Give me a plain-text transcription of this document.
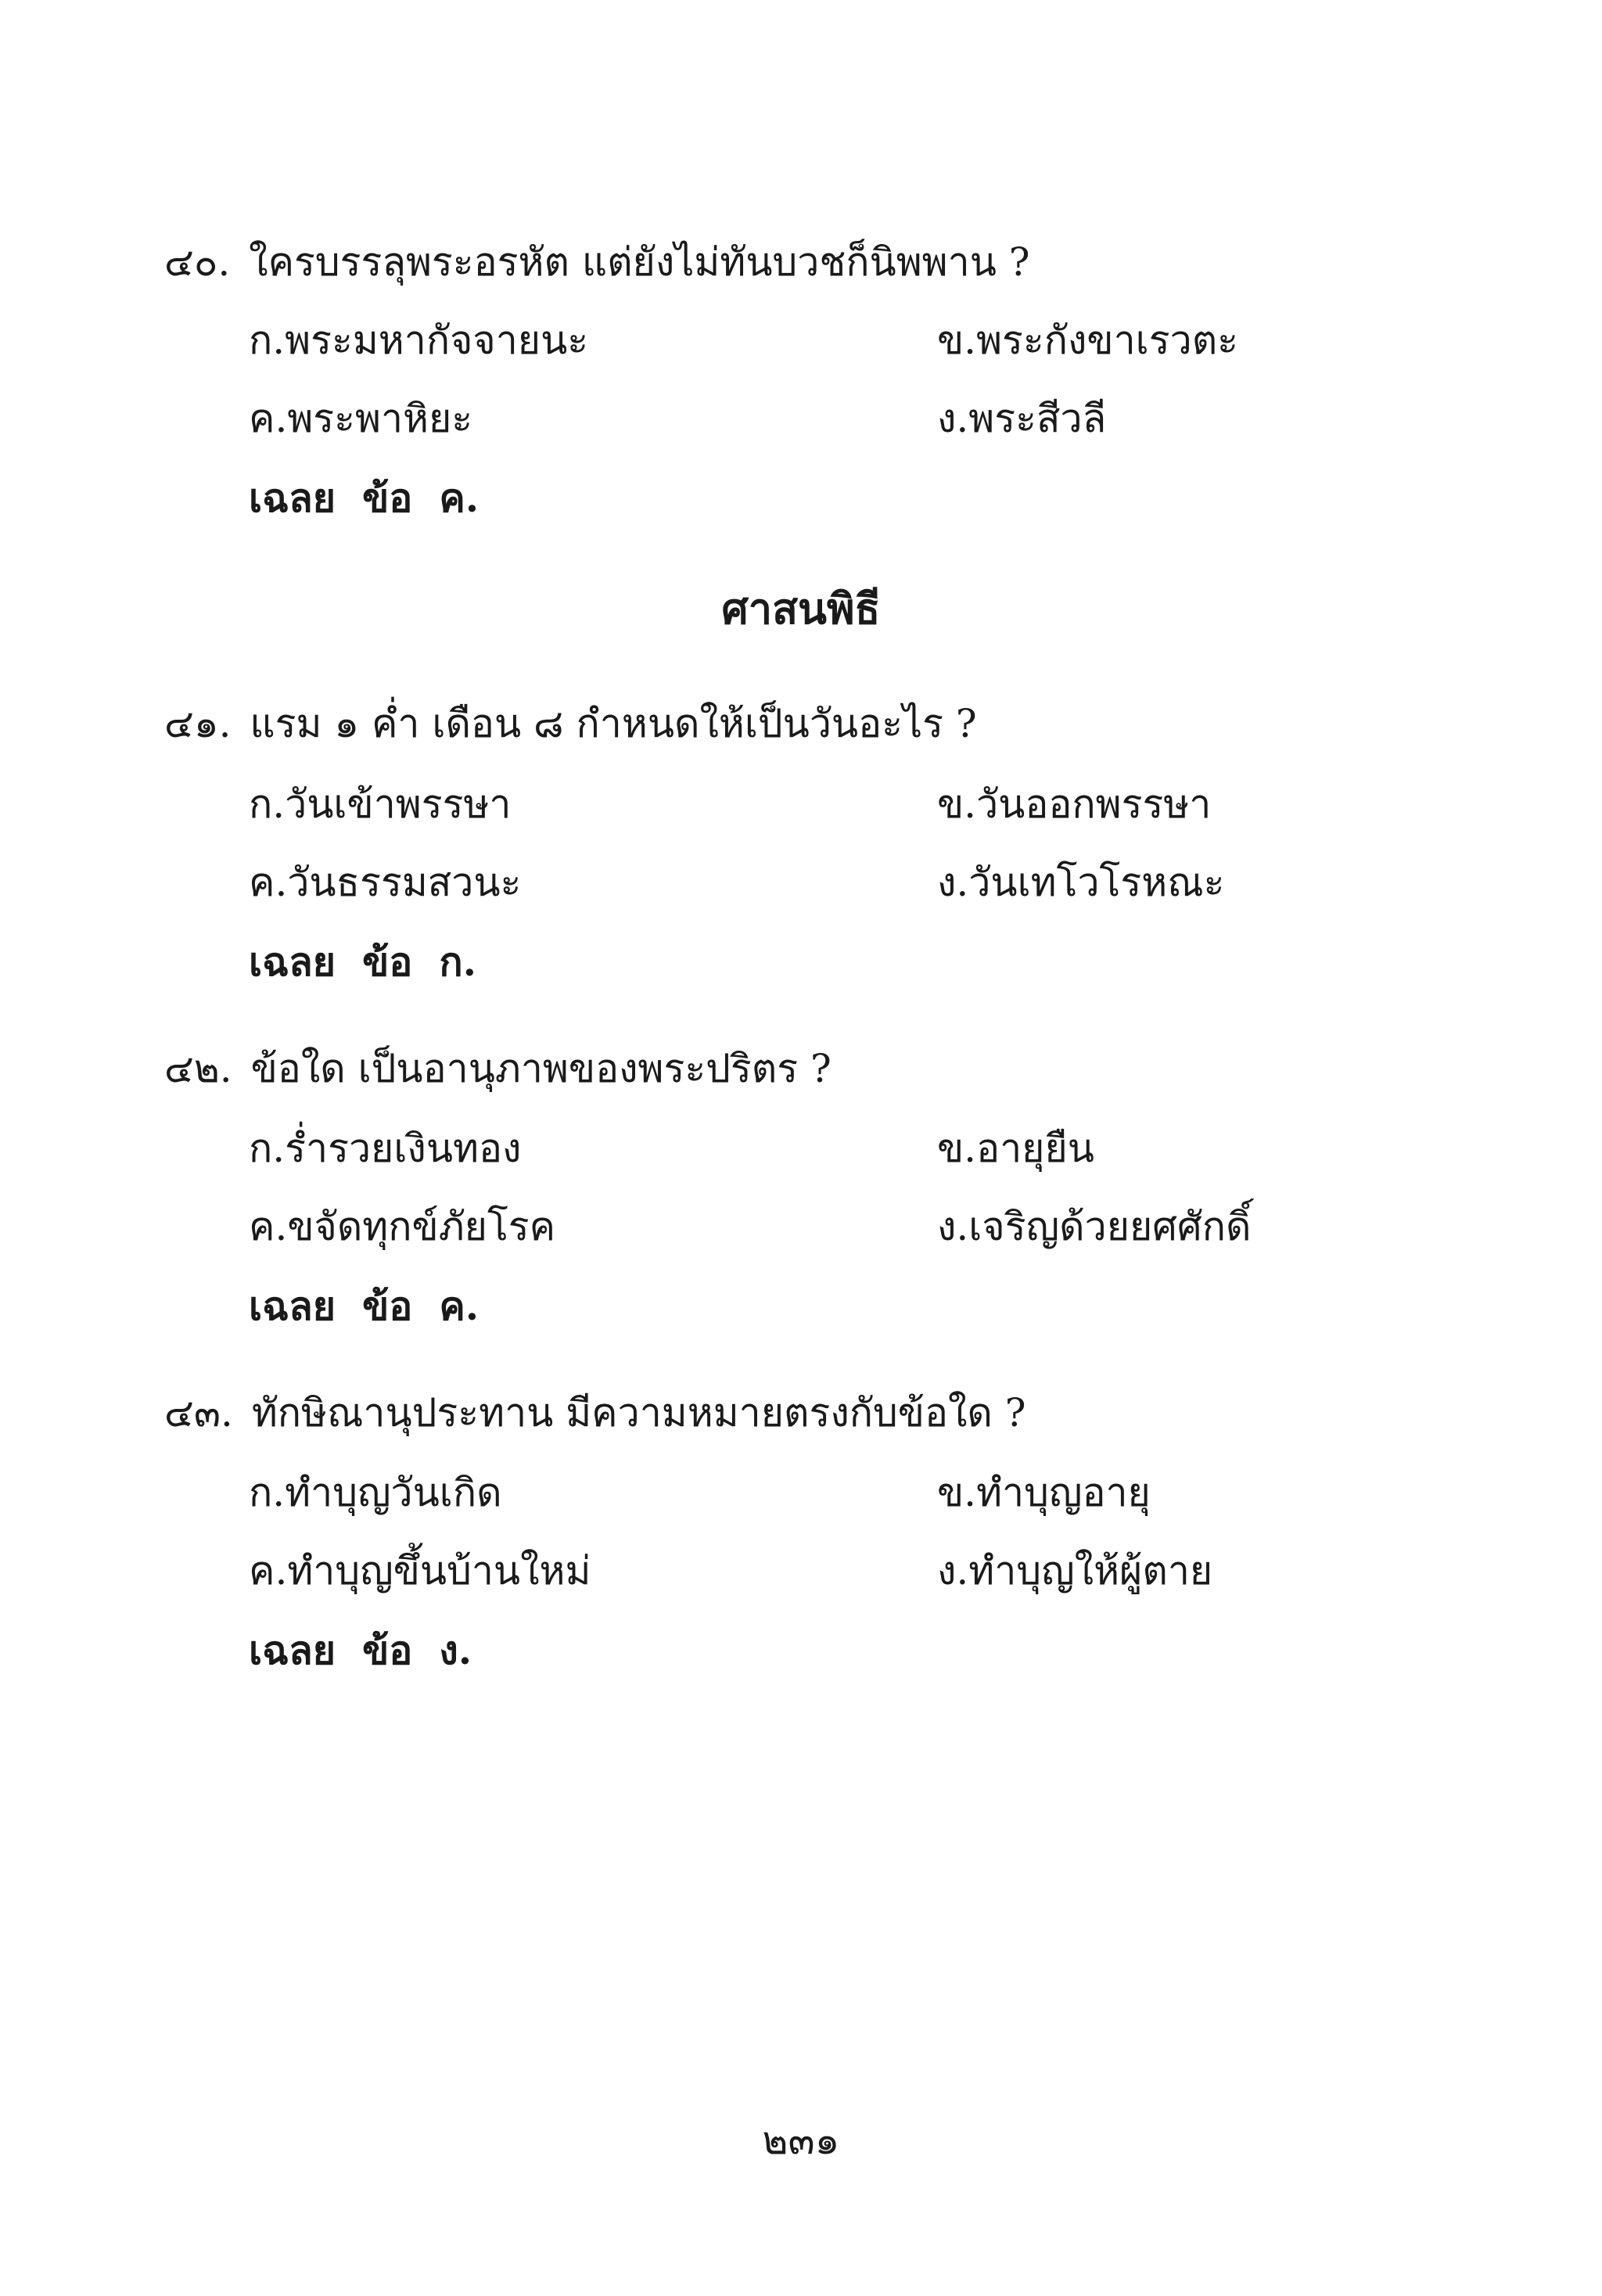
๔๐. ใครบรรลุพระอรหัต แต่ยังไม่ทันบวชก็นิพพาน ?
ก.พระมหากัจจายนะ	ข.พระกังขาเรวตะ
ค.พระพาหิยะ	ง.พระสีวลี
เฉลย ข้อ ค.
ศาสนพิธี
๔๑. แรม ๑ ค่ำ เดือน ๘ กำหนดให้เป็นวันอะไร ?
ก.วันเข้าพรรษา	ข.วันออกพรรษา
ค.วันธรรมสวนะ	ง.วันเทโวโรหณะ
เฉลย ข้อ ก.
๔๒. ข้อใด เป็นอานุภาพของพระปริตร ?
ก.ร่ำรวยเงินทอง	ข.อายุยืน
ค.ขจัดทุกข์ภัยโรค	ง.เจริญด้วยยศศักดิ์
เฉลย ข้อ ค.
๔๓. ทักษิณานุประทาน มีความหมายตรงกับข้อใด ?
ก.ทำบุญวันเกิด	ข.ทำบุญอายุ
ค.ทำบุญขึ้นบ้านใหม่	ง.ทำบุญให้ผู้ตาย
เฉลย ข้อ ง.
๒๓๑
